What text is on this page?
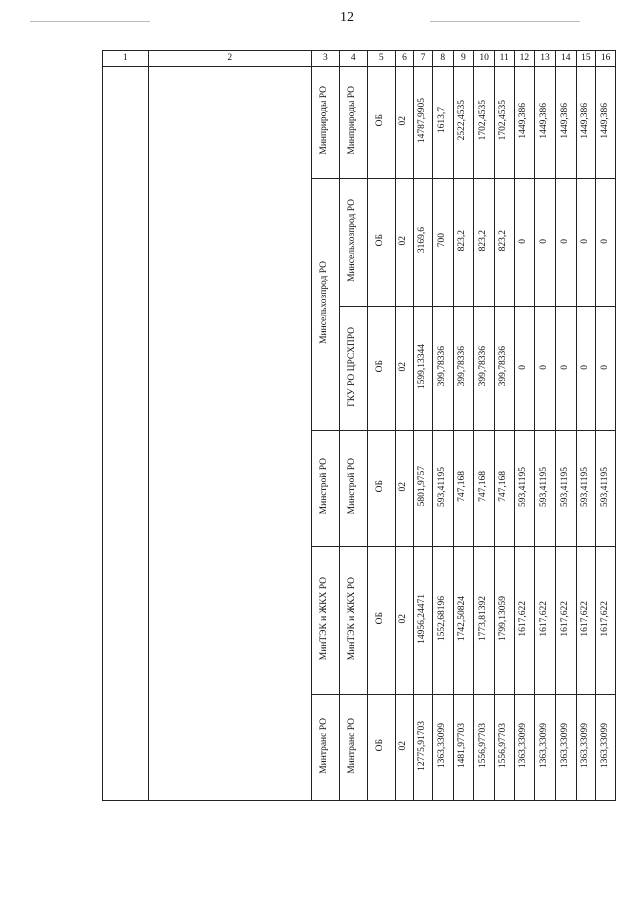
12
1	2	3	4	5	6	7	8	9	10	11	12	13	14	15	16
		Минприроды РО	Минприроды РО	ОБ	02	14787,9905	1613,7	2522,4535	1702,4535	1702,4535	1449,386	1449,386	1449,386	1449,386	1449,386
		Минсельхозпрод РО	Минсельхозпрод РО	ОБ	02	3169,6	700	823,2	823,2	823,2	0	0	0	0	0
			ГКУ РО ЦРСХПРО	ОБ	02	1599,13344	399,78336	399,78336	399,78336	399,78336	0	0	0	0	0
		Минстрой РО	Минстрой РО	ОБ	02	5801,9757	593,41195	747,168	747,168	747,168	593,41195	593,41195	593,41195	593,41195	593,41195
		МинТЭК и ЖКХ РО	МинТЭК и ЖКХ РО	ОБ	02	14956,24471	1552,68196	1742,50824	1773,81392	1799,13059	1617,622	1617,622	1617,622	1617,622	1617,622
		Минтранс РО	Минтранс РО	ОБ	02	12775,91703	1363,33099	1481,97703	1556,97703	1556,97703	1363,33099	1363,33099	1363,33099	1363,33099	1363,33099
